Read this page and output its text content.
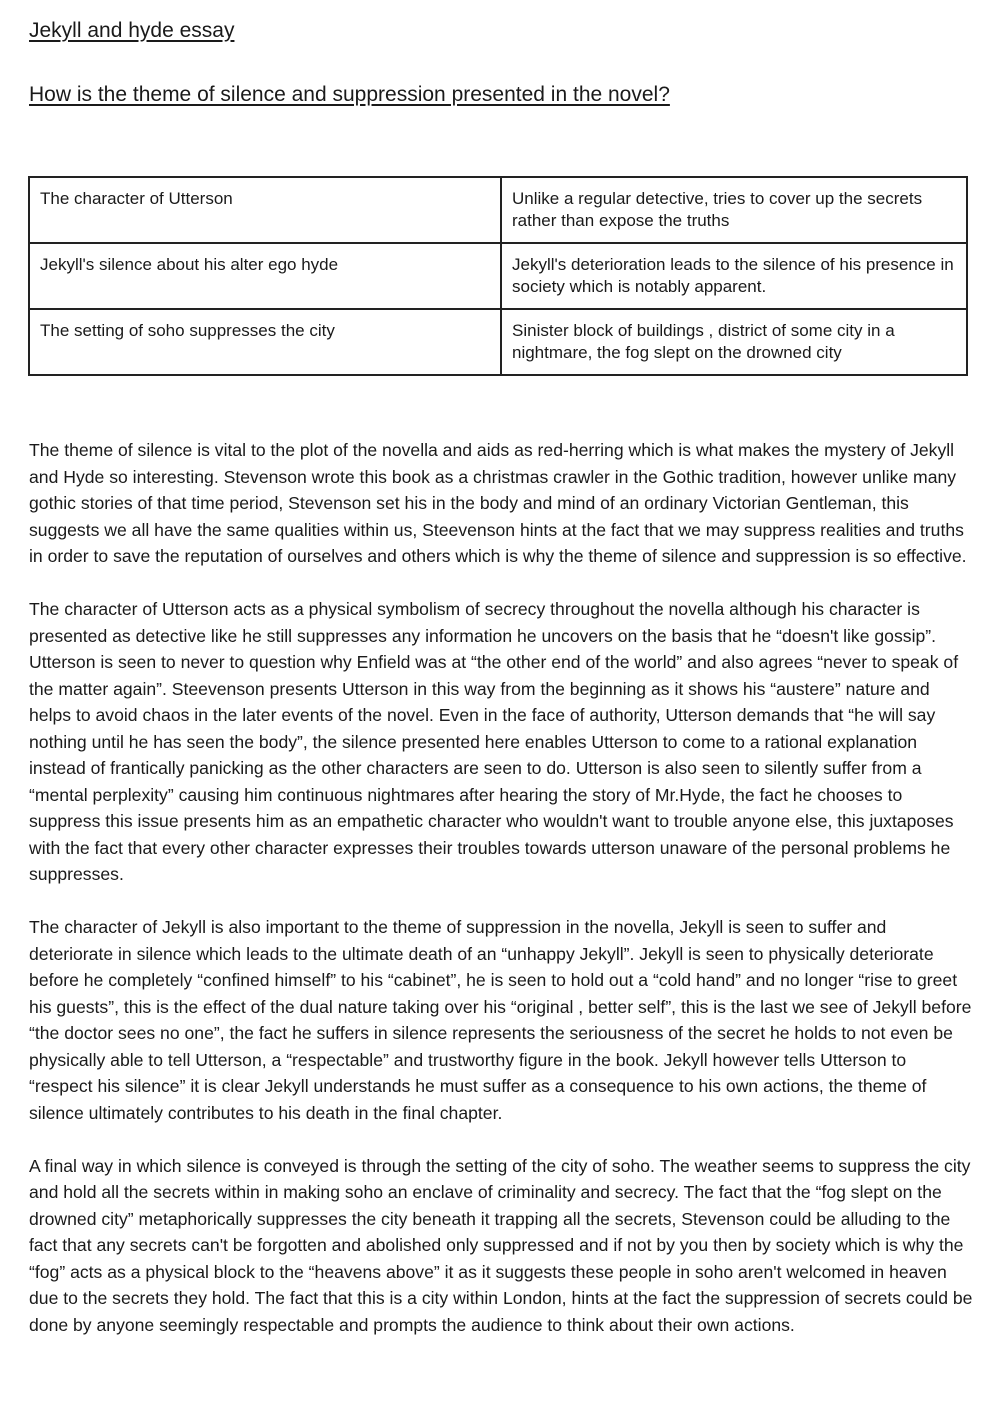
Jekyll and hyde essay
How is the theme of silence and suppression presented in the novel?
The character of Utterson	Unlike a regular detective, tries to cover up the secrets rather than expose the truths
Jekyll's silence about his alter ego hyde	Jekyll's deterioration leads to the silence of his presence in society which is notably apparent.
The setting of soho suppresses the city	Sinister block of buildings , district of some city in a nightmare, the fog slept on the drowned city

The theme of silence is vital to the plot of the novella and aids as red-herring which is what makes the mystery of Jekyll and Hyde so interesting. Stevenson wrote this book as a christmas crawler in the Gothic tradition, however unlike many gothic stories of that time period, Stevenson set his in the body and mind of an ordinary Victorian Gentleman, this suggests we all have the same qualities within us, Steevenson hints at the fact that we may suppress realities and truths in order to save the reputation of ourselves and others which is why the theme of silence and suppression is so effective.

The character of Utterson acts as a physical symbolism of secrecy throughout the novella although his character is presented as detective like he still suppresses any information he uncovers on the basis that he “doesn't like gossip”. Utterson is seen to never to question why Enfield was at “the other end of the world” and also agrees “never to speak of the matter again”. Steevenson presents Utterson in this way from the beginning as it shows his “austere” nature and helps to avoid chaos in the later events of the novel. Even in the face of authority, Utterson demands that “he will say nothing until he has seen the body”, the silence presented here enables Utterson to come to a rational explanation instead of frantically panicking as the other characters are seen to do. Utterson is also seen to silently suffer from a “mental perplexity” causing him continuous nightmares after hearing the story of Mr.Hyde, the fact he chooses to suppress this issue presents him as an empathetic character who wouldn't want to trouble anyone else, this juxtaposes with the fact that every other character expresses their troubles towards utterson unaware of the personal problems he suppresses.

The character of Jekyll is also important to the theme of suppression in the novella, Jekyll is seen to suffer and deteriorate in silence which leads to the ultimate death of an “unhappy Jekyll”. Jekyll is seen to physically deteriorate before he completely “confined himself” to his “cabinet”, he is seen to hold out a “cold hand” and no longer “rise to greet his guests”, this is the effect of the dual nature taking over his “original , better self”, this is the last we see of Jekyll before “the doctor sees no one”, the fact he suffers in silence represents the seriousness of the secret he holds to not even be physically able to tell Utterson, a “respectable” and trustworthy figure in the book. Jekyll however tells Utterson to “respect his silence” it is clear Jekyll understands he must suffer as a consequence to his own actions, the theme of silence ultimately contributes to his death in the final chapter.

A final way in which silence is conveyed is through the setting of the city of soho. The weather seems to suppress the city and hold all the secrets within in making soho an enclave of criminality and secrecy. The fact that the “fog slept on the drowned city” metaphorically suppresses the city beneath it trapping all the secrets, Stevenson could be alluding to the fact that any secrets can't be forgotten and abolished only suppressed and if not by you then by society which is why the “fog” acts as a physical block to the “heavens above” it as it suggests these people in soho aren't welcomed in heaven due to the secrets they hold. The fact that this is a city within London, hints at the fact the suppression of secrets could be done by anyone seemingly respectable and prompts the audience to think about their own actions.
